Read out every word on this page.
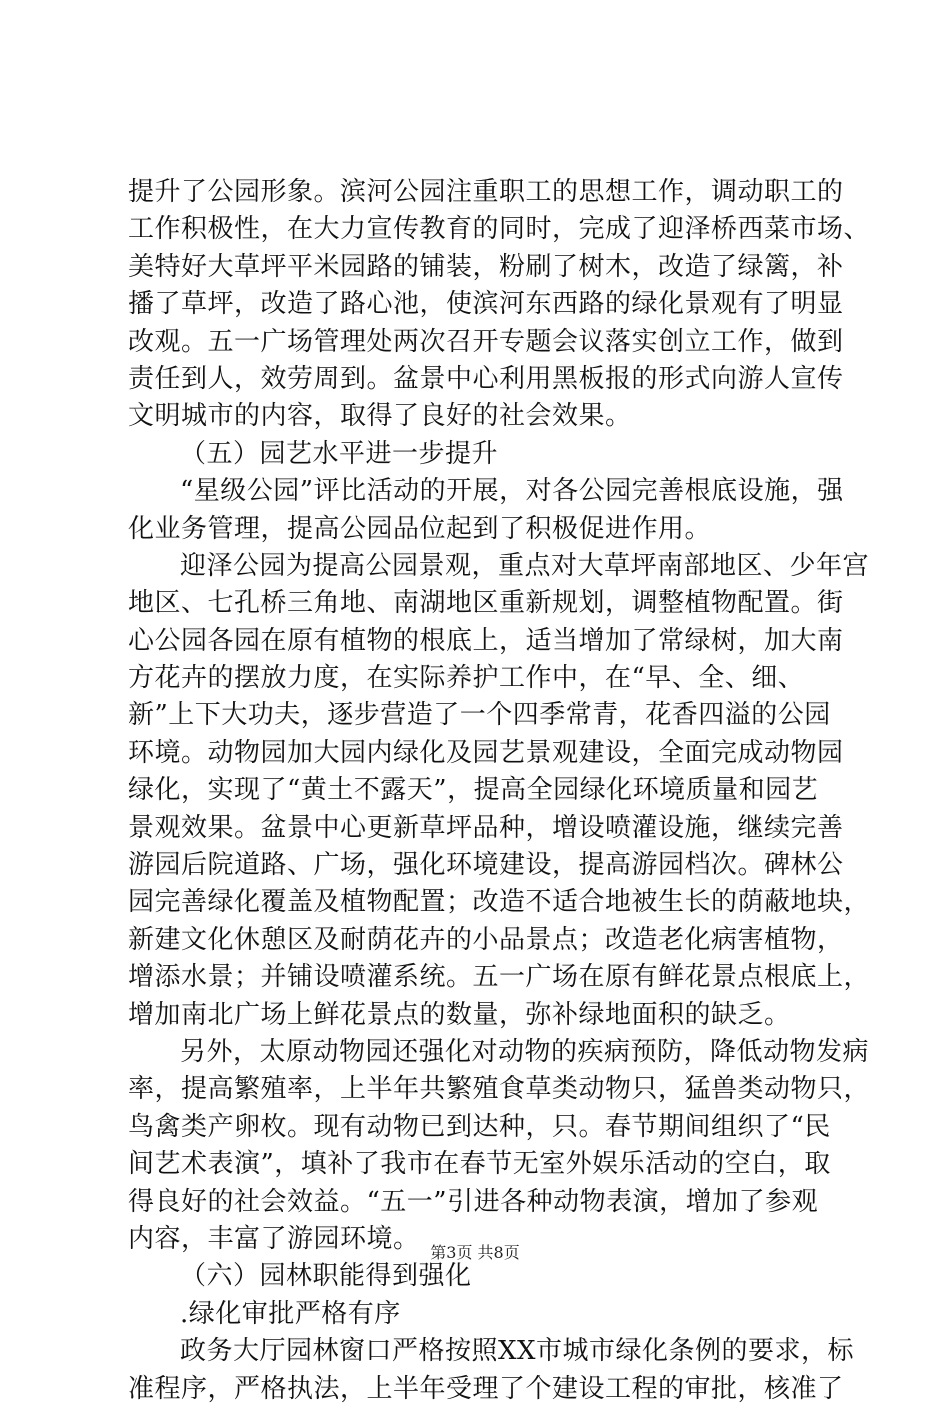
提升了公园形象。滨河公园注重职工的思想工作，调动职工的
工作积极性，在大力宣传教育的同时，完成了迎泽桥西菜市场、
美特好大草坪平米园路的铺装，粉刷了树木，改造了绿篱，补
播了草坪，改造了路心池，使滨河东西路的绿化景观有了明显
改观。五一广场管理处两次召开专题会议落实创立工作，做到
责任到人，效劳周到。盆景中心利用黑板报的形式向游人宣传
文明城市的内容，取得了良好的社会效果。
（五）园艺水平进一步提升
“星级公园”评比活动的开展，对各公园完善根底设施，强
化业务管理，提高公园品位起到了积极促进作用。
迎泽公园为提高公园景观，重点对大草坪南部地区、少年宫
地区、七孔桥三角地、南湖地区重新规划，调整植物配置。街
心公园各园在原有植物的根底上，适当增加了常绿树，加大南
方花卉的摆放力度，在实际养护工作中，在“早、全、细、
新”上下大功夫，逐步营造了一个四季常青，花香四溢的公园
环境。动物园加大园内绿化及园艺景观建设，全面完成动物园
绿化，实现了“黄土不露天”，提高全园绿化环境质量和园艺
景观效果。盆景中心更新草坪品种，增设喷灌设施，继续完善
游园后院道路、广场，强化环境建设，提高游园档次。碑林公
园完善绿化覆盖及植物配置；改造不适合地被生长的荫蔽地块，
新建文化休憩区及耐荫花卉的小品景点；改造老化病害植物，
增添水景；并铺设喷灌系统。五一广场在原有鲜花景点根底上，
增加南北广场上鲜花景点的数量，弥补绿地面积的缺乏。
另外，太原动物园还强化对动物的疾病预防，降低动物发病
率，提高繁殖率，上半年共繁殖食草类动物只，猛兽类动物只，
鸟禽类产卵枚。现有动物已到达种，只。春节期间组织了“民
间艺术表演”，填补了我市在春节无室外娱乐活动的空白，取
得良好的社会效益。“五一”引进各种动物表演，增加了参观
内容，丰富了游园环境。
（六）园林职能得到强化
.绿化审批严格有序
政务大厅园林窗口严格按照XX市城市绿化条例的要求，标
准程序，严格执法，上半年受理了个建设工程的审批，核准了
第3页 共8页
